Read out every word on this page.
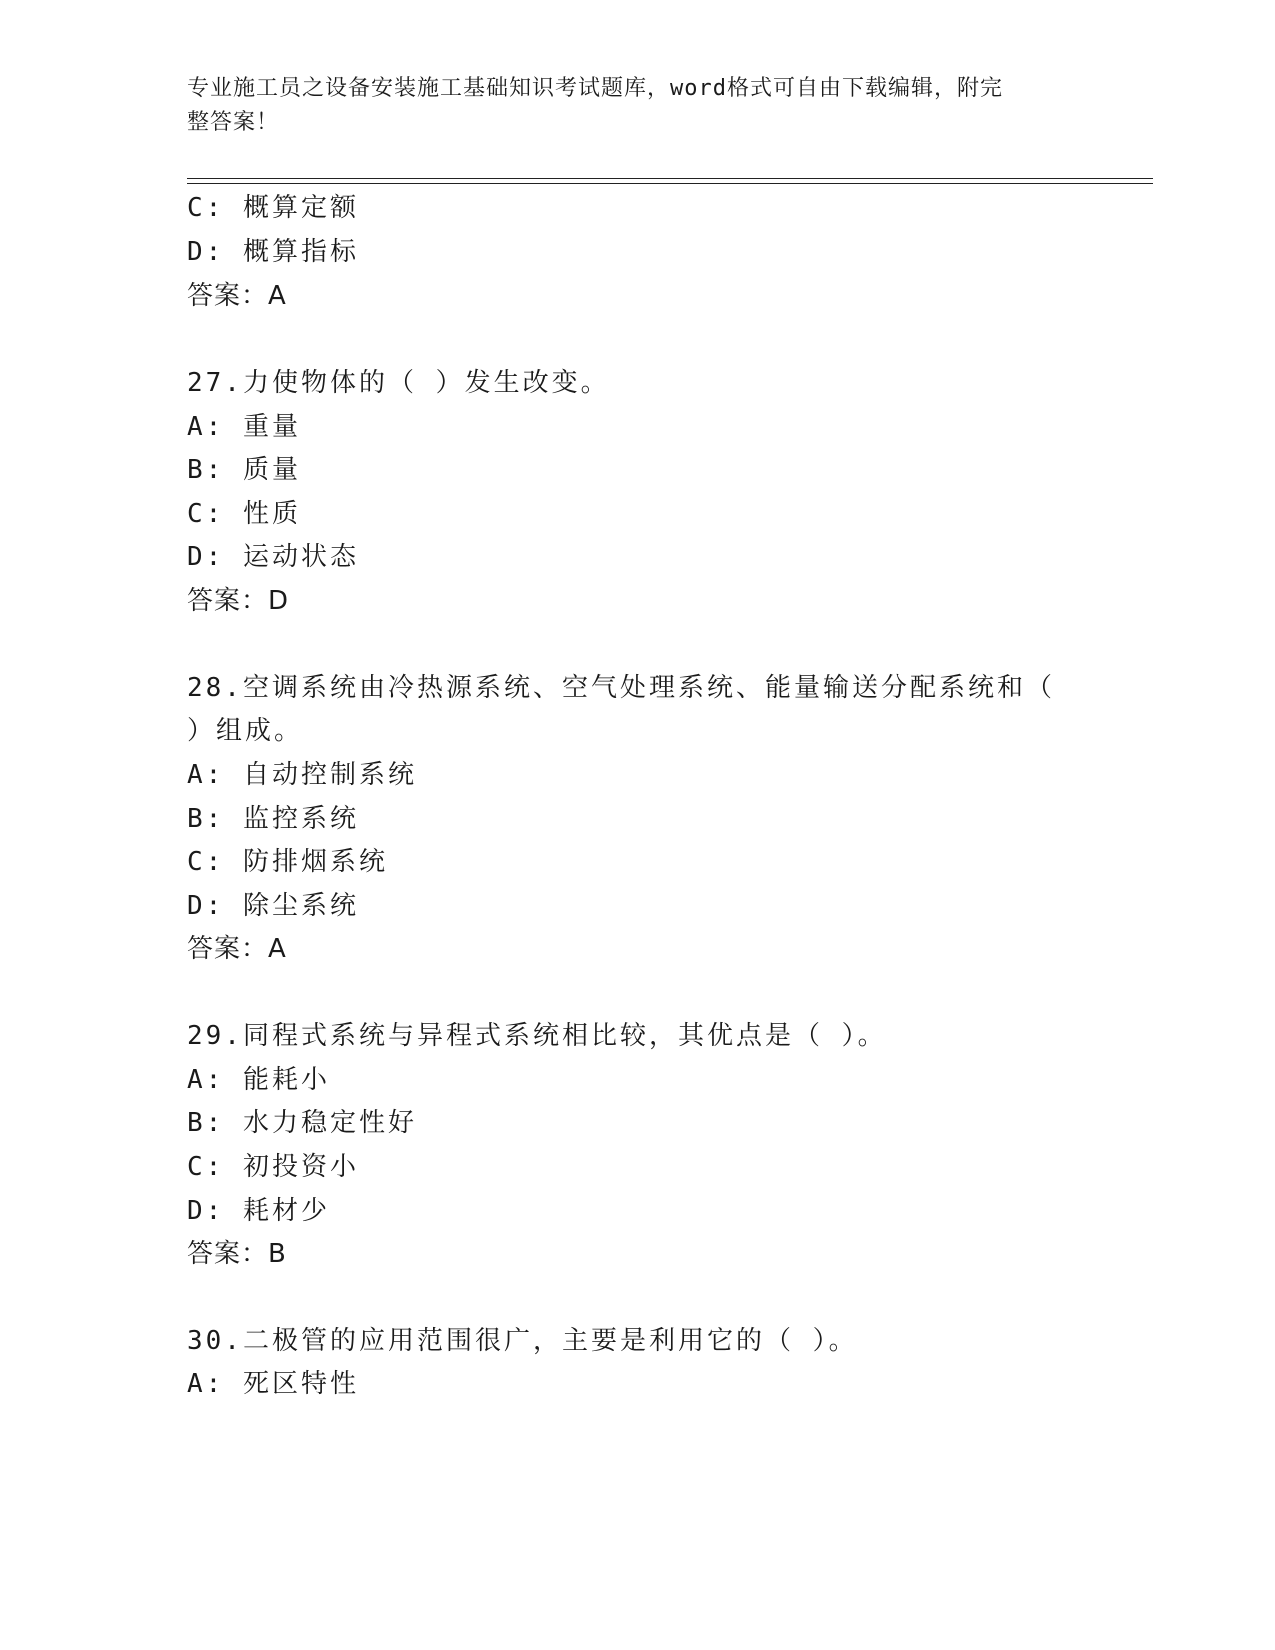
专业施工员之设备安装施工基础知识考试题库，word格式可自由下载编辑，附完
整答案！
C: 概算定额
D: 概算指标
答案：A
27.力使物体的（ ）发生改变。
A: 重量
B: 质量
C: 性质
D: 运动状态
答案：D
28.空调系统由冷热源系统、空气处理系统、能量输送分配系统和（
）组成。
A: 自动控制系统
B: 监控系统
C: 防排烟系统
D: 除尘系统
答案：A
29.同程式系统与异程式系统相比较，其优点是（ ）。
A: 能耗小
B: 水力稳定性好
C: 初投资小
D: 耗材少
答案：B
30.二极管的应用范围很广，主要是利用它的（ ）。
A: 死区特性
